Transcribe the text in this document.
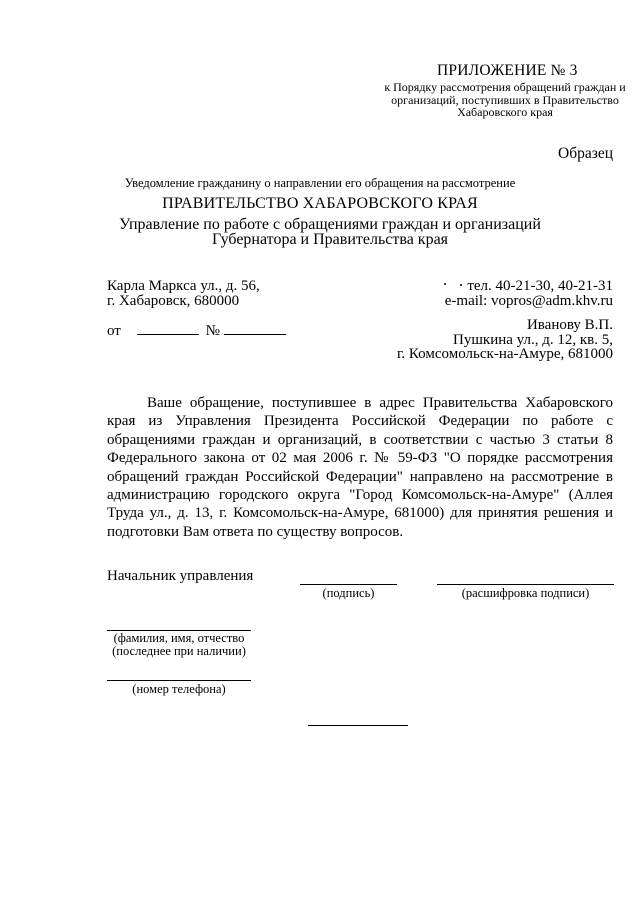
ПРИЛОЖЕНИЕ № 3
к Порядку рассмотрения обращений граждан и организаций, поступивших в Правительство Хабаровского края
Образец
Уведомление гражданину о направлении его обращения на рассмотрение
ПРАВИТЕЛЬСТВО ХАБАРОВСКОГО КРАЯ
Управление по работе с обращениями граждан и организаций
Губернатора и Правительства края
Карла Маркса ул., д. 56,
г. Хабаровск, 680000
тел. 40-21-30, 40-21-31
e-mail: vopros@adm.khv.ru
от	№	Иванову В.П.
Пушкина ул., д. 12, кв. 5,
г. Комсомольск-на-Амуре, 681000
Ваше обращение, поступившее в адрес Правительства Хабаровского края из Управления Президента Российской Федерации по работе с обращениями граждан и организаций, в соответствии с частью 3 статьи 8 Федерального закона от 02 мая 2006 г. № 59-ФЗ "О порядке рассмотрения обращений граждан Российской Федерации" направлено на рассмотрение в администрацию городского округа "Город Комсомольск-на-Амуре" (Аллея Труда ул., д. 13, г. Комсомольск-на-Амуре, 681000) для принятия решения и подготовки Вам ответа по существу вопросов.
Начальник управления
(подпись)	(расшифровка подписи)
(фамилия, имя, отчество
(последнее при наличии)
(номер телефона)
